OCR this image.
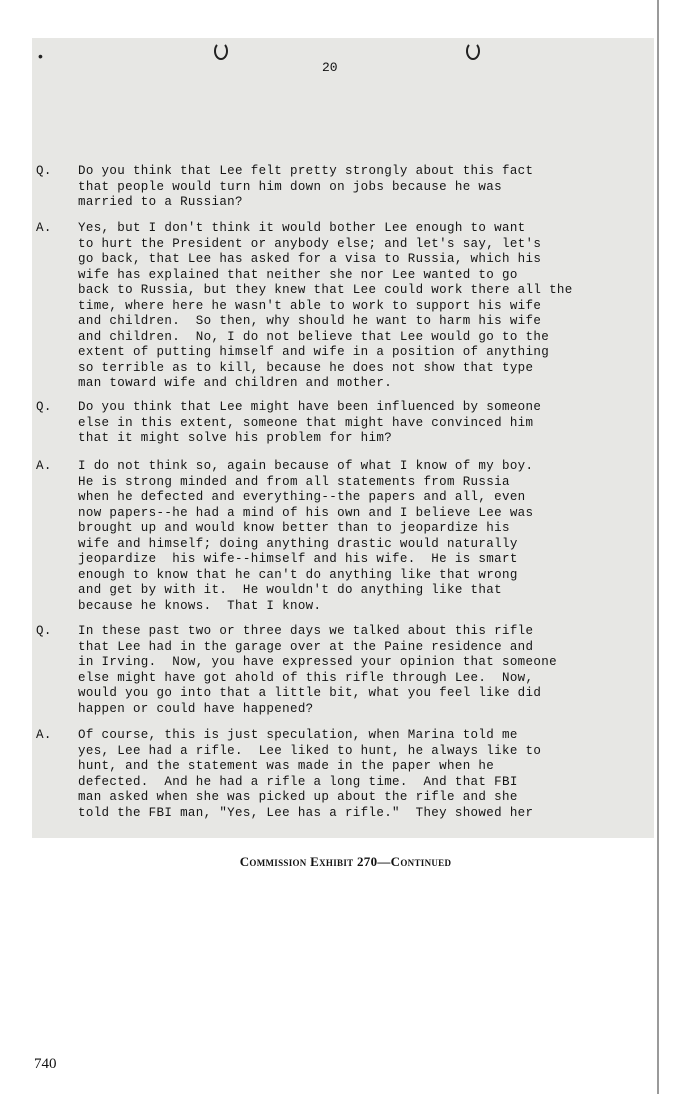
•
20
Q.	Do you think that Lee felt pretty strongly about this fact
that people would turn him down on jobs because he was
married to a Russian?
A.	Yes, but I don't think it would bother Lee enough to want
to hurt the President or anybody else; and let's say, let's
go back, that Lee has asked for a visa to Russia, which his
wife has explained that neither she nor Lee wanted to go
back to Russia, but they knew that Lee could work there all the
time, where here he wasn't able to work to support his wife
and children.  So then, why should he want to harm his wife
and children.  No, I do not believe that Lee would go to the
extent of putting himself and wife in a position of anything
so terrible as to kill, because he does not show that type
man toward wife and children and mother.
Q.	Do you think that Lee might have been influenced by someone
else in this extent, someone that might have convinced him
that it might solve his problem for him?
A.	I do not think so, again because of what I know of my boy.
He is strong minded and from all statements from Russia
when he defected and everything--the papers and all, even
now papers--he had a mind of his own and I believe Lee was
brought up and would know better than to jeopardize his
wife and himself; doing anything drastic would naturally
jeopardize  his wife--himself and his wife.  He is smart
enough to know that he can't do anything like that wrong
and get by with it.  He wouldn't do anything like that
because he knows.  That I know.
Q.	In these past two or three days we talked about this rifle
that Lee had in the garage over at the Paine residence and
in Irving.  Now, you have expressed your opinion that someone
else might have got ahold of this rifle through Lee.  Now,
would you go into that a little bit, what you feel like did
happen or could have happened?
A.	Of course, this is just speculation, when Marina told me
yes, Lee had a rifle.  Lee liked to hunt, he always like to
hunt, and the statement was made in the paper when he
defected.  And he had a rifle a long time.  And that FBI
man asked when she was picked up about the rifle and she
told the FBI man, "Yes, Lee has a rifle."  They showed her
Commission Exhibit 270—Continued
740
